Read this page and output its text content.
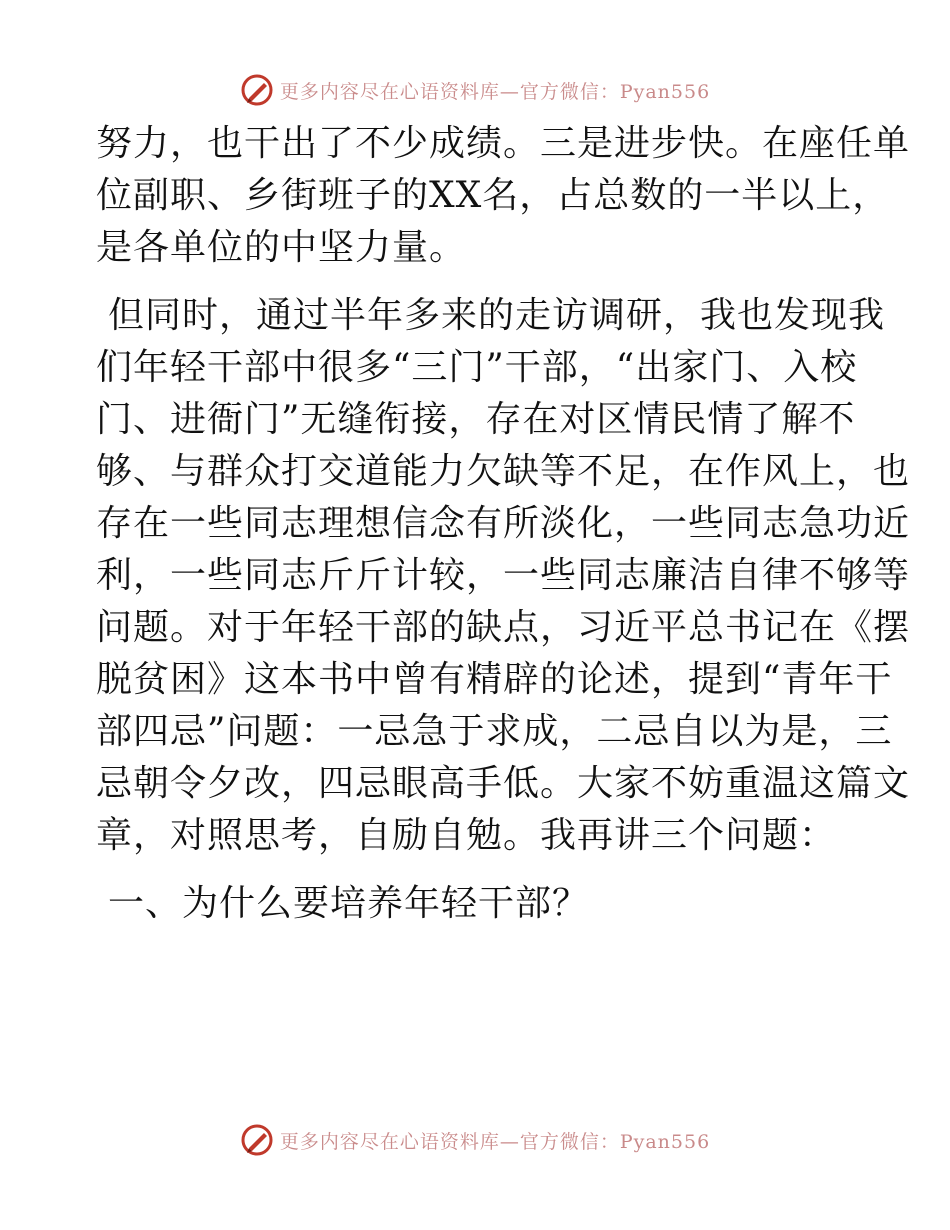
更多内容尽在心语资料库—官方微信：Pyan556
努力，也干出了不少成绩。三是进步快。在座任单
位副职、乡街班子的XX名，占总数的一半以上，
是各单位的中坚力量。
但同时，通过半年多来的走访调研，我也发现我
们年轻干部中很多“三门”干部，“出家门、入校
门、进衙门”无缝衔接，存在对区情民情了解不
够、与群众打交道能力欠缺等不足，在作风上，也
存在一些同志理想信念有所淡化，一些同志急功近
利，一些同志斤斤计较，一些同志廉洁自律不够等
问题。对于年轻干部的缺点，习近平总书记在《摆
脱贫困》这本书中曾有精辟的论述，提到“青年干
部四忌”问题：一忌急于求成，二忌自以为是，三
忌朝令夕改，四忌眼高手低。大家不妨重温这篇文
章，对照思考，自励自勉。我再讲三个问题：
一、为什么要培养年轻干部？
更多内容尽在心语资料库—官方微信：Pyan556
